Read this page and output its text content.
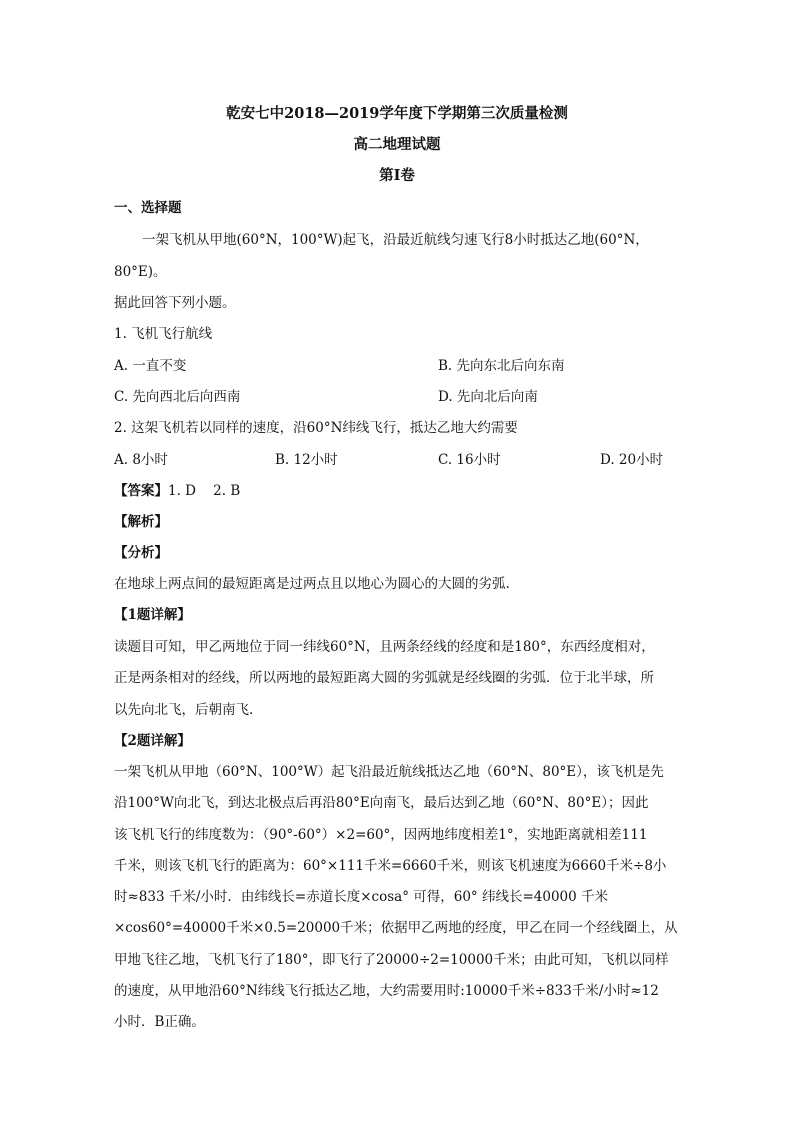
乾安七中2018—2019学年度下学期第三次质量检测
高二地理试题
第Ⅰ卷
一、选择题
一架飞机从甲地(60°N，100°W)起飞，沿最近航线匀速飞行8小时抵达乙地(60°N，
80°E)。
据此回答下列小题。
1. 飞机飞行航线
A. 一直不变	B. 先向东北后向东南
C. 先向西北后向西南	D. 先向北后向南
2. 这架飞机若以同样的速度，沿60°N纬线飞行，抵达乙地大约需要
A. 8小时	B. 12小时	C. 16小时	D. 20小时
【答案】1. D    2. B
【解析】
【分析】
在地球上两点间的最短距离是过两点且以地心为圆心的大圆的劣弧.
【1题详解】
读题目可知，甲乙两地位于同一纬线60°N，且两条经线的经度和是180°，东西经度相对，
正是两条相对的经线，所以两地的最短距离大圆的劣弧就是经线圈的劣弧．位于北半球，所
以先向北飞，后朝南飞.
【2题详解】
一架飞机从甲地（60°N、100°W）起飞沿最近航线抵达乙地（60°N、80°E），该飞机是先
沿100°W向北飞，到达北极点后再沿80°E向南飞，最后达到乙地（60°N、80°E）；因此
该飞机飞行的纬度数为：（90°-60°）×2=60°，因两地纬度相差1°，实地距离就相差111
千米，则该飞机飞行的距离为：60°×111千米=6660千米，则该飞机速度为6660千米÷8小
时≈833 千米/小时．由纬线长=赤道长度×cosa° 可得，60° 纬线长=40000 千米
×cos60°=40000千米×0.5=20000千米；依据甲乙两地的经度，甲乙在同一个经线圈上，从
甲地飞往乙地，飞机飞行了180°，即飞行了20000÷2=10000千米；由此可知，飞机以同样
的速度，从甲地沿60°N纬线飞行抵达乙地，大约需要用时:10000千米÷833千米/小时≈12
小时．B正确。
